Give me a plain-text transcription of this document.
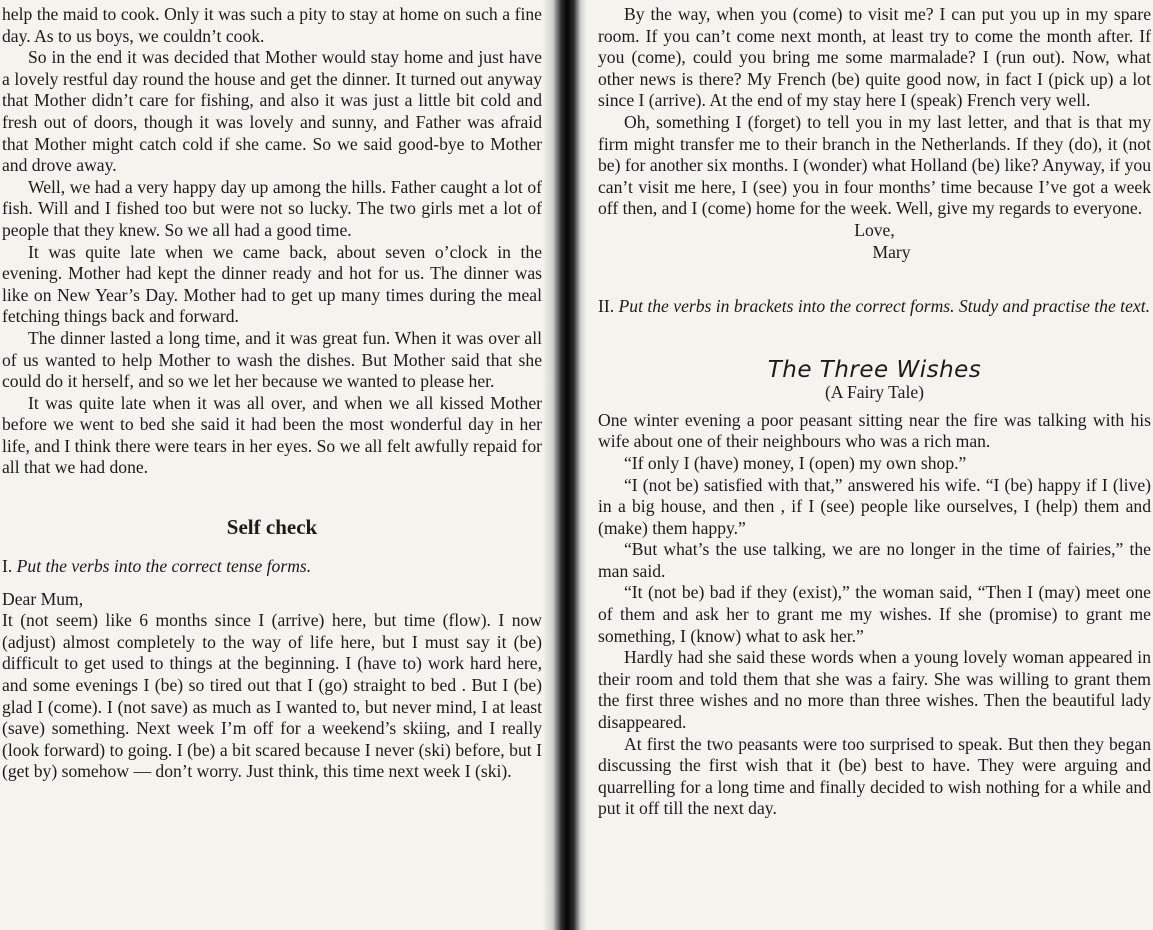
help the maid to cook. Only it was such a pity to stay at home on such a fine day. As to us boys, we couldn’t cook.

So in the end it was decided that Mother would stay home and just have a lovely restful day round the house and get the dinner. It turned out anyway that Mother didn’t care for fishing, and also it was just a little bit cold and fresh out of doors, though it was lovely and sunny, and Father was afraid that Mother might catch cold if she came. So we said good-bye to Mother and drove away.

Well, we had a very happy day up among the hills. Father caught a lot of fish. Will and I fished too but were not so lucky. The two girls met a lot of people that they knew. So we all had a good time.

It was quite late when we came back, about seven o’clock in the evening. Mother had kept the dinner ready and hot for us. The dinner was like on New Year’s Day. Mother had to get up many times during the meal fetching things back and forward.

The dinner lasted a long time, and it was great fun. When it was over all of us wanted to help Mother to wash the dishes. But Mother said that she could do it herself, and so we let her because we wanted to please her.

It was quite late when it was all over, and when we all kissed Mother before we went to bed she said it had been the most wonderful day in her life, and I think there were tears in her eyes. So we all felt awfully repaid for all that we had done.

Self check

I. Put the verbs into the correct tense forms.

Dear Mum,

It (not seem) like 6 months since I (arrive) here, but time (flow). I now (adjust) almost completely to the way of life here, but I must say it (be) difficult to get used to things at the beginning. I (have to) work hard here, and some evenings I (be) so tired out that I (go) straight to bed . But I (be) glad I (come). I (not save) as much as I wanted to, but never mind, I at least (save) something. Next week I’m off for a weekend’s skiing, and I really (look forward) to going. I (be) a bit scared because I never (ski) before, but I (get by) somehow — don’t worry. Just think, this time next week I (ski).

By the way, when you (come) to visit me? I can put you up in my spare room. If you can’t come next month, at least try to come the month after. If you (come), could you bring me some marmalade? I (run out). Now, what other news is there? My French (be) quite good now, in fact I (pick up) a lot since I (arrive). At the end of my stay here I (speak) French very well.

Oh, something I (forget) to tell you in my last letter, and that is that my firm might transfer me to their branch in the Netherlands. If they (do), it (not be) for another six months. I (wonder) what Holland (be) like? Anyway, if you can’t visit me here, I (see) you in four months’ time because I’ve got a week off then, and I (come) home for the week. Well, give my regards to everyone.

Love,

Mary

II. Put the verbs in brackets into the correct forms. Study and practise the text.

The Three Wishes

(A Fairy Tale)

One winter evening a poor peasant sitting near the fire was talking with his wife about one of their neighbours who was a rich man.

“If only I (have) money, I (open) my own shop.”

“I (not be) satisfied with that,” answered his wife. “I (be) happy if I (live) in a big house, and then , if I (see) people like ourselves, I (help) them and (make) them happy.”

“But what’s the use talking, we are no longer in the time of fairies,” the man said.

“It (not be) bad if they (exist),” the woman said, “Then I (may) meet one of them and ask her to grant me my wishes. If she (promise) to grant me something, I (know) what to ask her.”

Hardly had she said these words when a young lovely woman appeared in their room and told them that she was a fairy. She was willing to grant them the first three wishes and no more than three wishes. Then the beautiful lady disappeared.

At first the two peasants were too surprised to speak. But then they began discussing the first wish that it (be) best to have. They were arguing and quarrelling for a long time and finally decided to wish nothing for a while and put it off till the next day.
